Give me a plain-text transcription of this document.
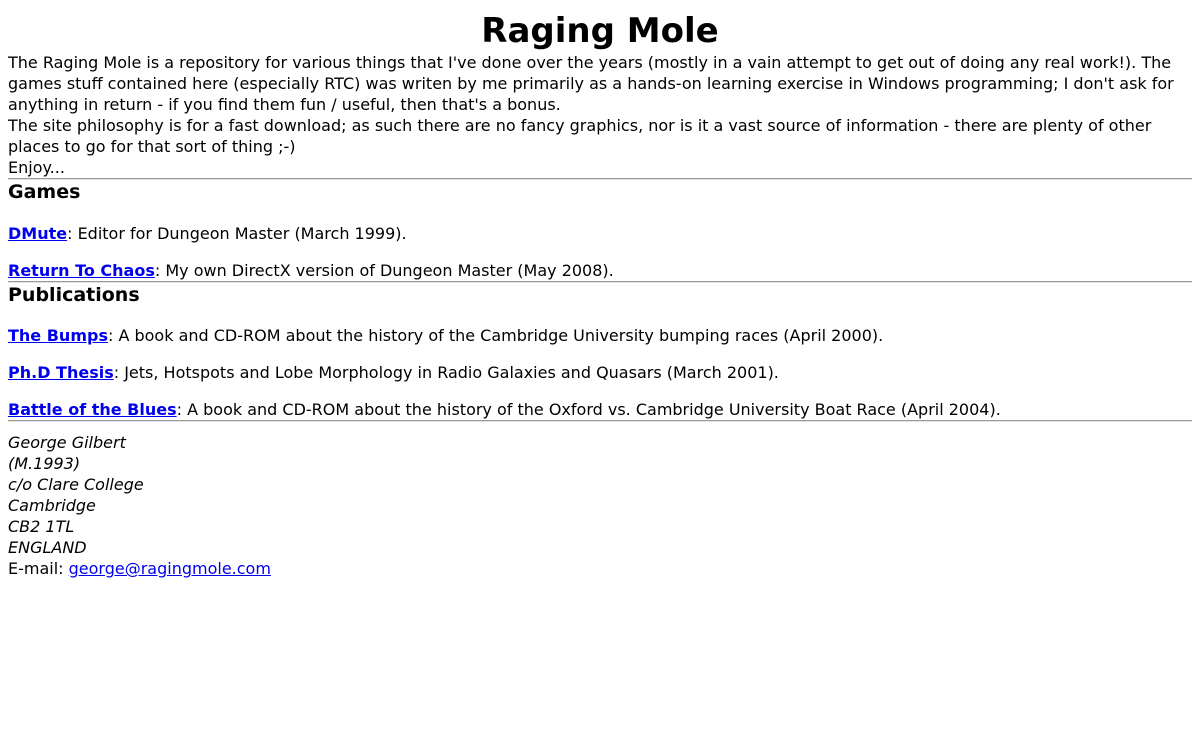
Raging Mole

The Raging Mole is a repository for various things that I've done over the years (mostly in a vain attempt to get out of doing any real work!). The games stuff contained here (especially RTC) was writen by me primarily as a hands-on learning exercise in Windows programming; I don't ask for anything in return - if you find them fun / useful, then that's a bonus.

The site philosophy is for a fast download; as such there are no fancy graphics, nor is it a vast source of information - there are plenty of other places to go for that sort of thing ;-)

Enjoy...

Games

DMute: Editor for Dungeon Master (March 1999).

Return To Chaos: My own DirectX version of Dungeon Master (May 2008).

Publications

The Bumps: A book and CD-ROM about the history of the Cambridge University bumping races (April 2000).

Ph.D Thesis: Jets, Hotspots and Lobe Morphology in Radio Galaxies and Quasars (March 2001).

Battle of the Blues: A book and CD-ROM about the history of the Oxford vs. Cambridge University Boat Race (April 2004).

George Gilbert
(M.1993)
c/o Clare College
Cambridge
CB2 1TL
ENGLAND
E-mail: george@ragingmole.com
